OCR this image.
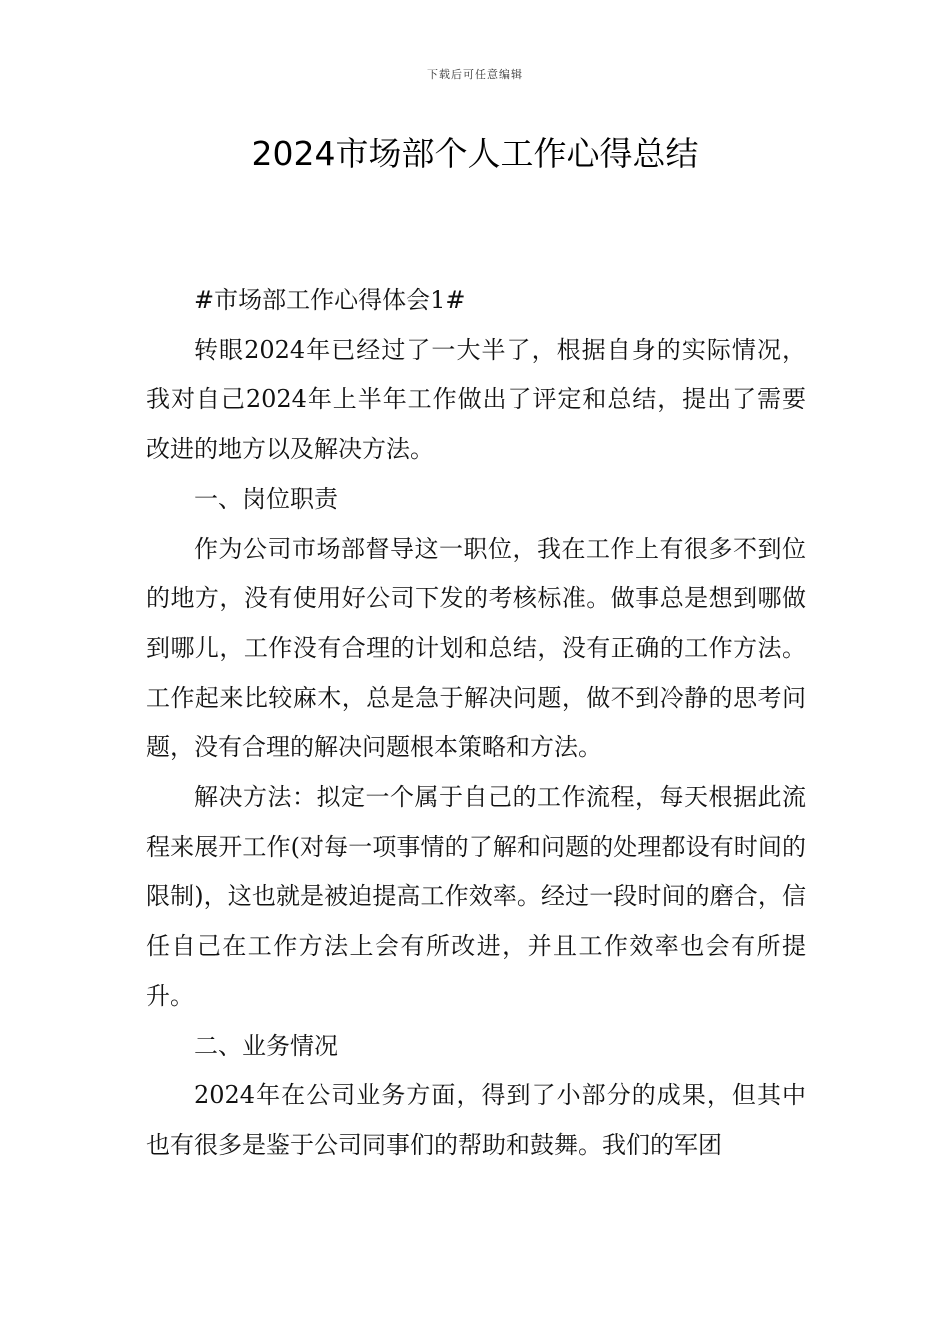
下载后可任意编辑
2024市场部个人工作心得总结

#市场部工作心得体会1#

转眼2024年已经过了一大半了，根据自身的实际情况，我对自己2024年上半年工作做出了评定和总结，提出了需要改进的地方以及解决方法。

一、岗位职责

作为公司市场部督导这一职位，我在工作上有很多不到位的地方，没有使用好公司下发的考核标准。做事总是想到哪做到哪儿，工作没有合理的计划和总结，没有正确的工作方法。工作起来比较麻木，总是急于解决问题，做不到冷静的思考问题，没有合理的解决问题根本策略和方法。

解决方法：拟定一个属于自己的工作流程，每天根据此流程来展开工作(对每一项事情的了解和问题的处理都设有时间的限制)，这也就是被迫提高工作效率。经过一段时间的磨合，信任自己在工作方法上会有所改进，并且工作效率也会有所提升。

二、业务情况

2024年在公司业务方面，得到了小部分的成果，但其中也有很多是鉴于公司同事们的帮助和鼓舞。我们的军团
